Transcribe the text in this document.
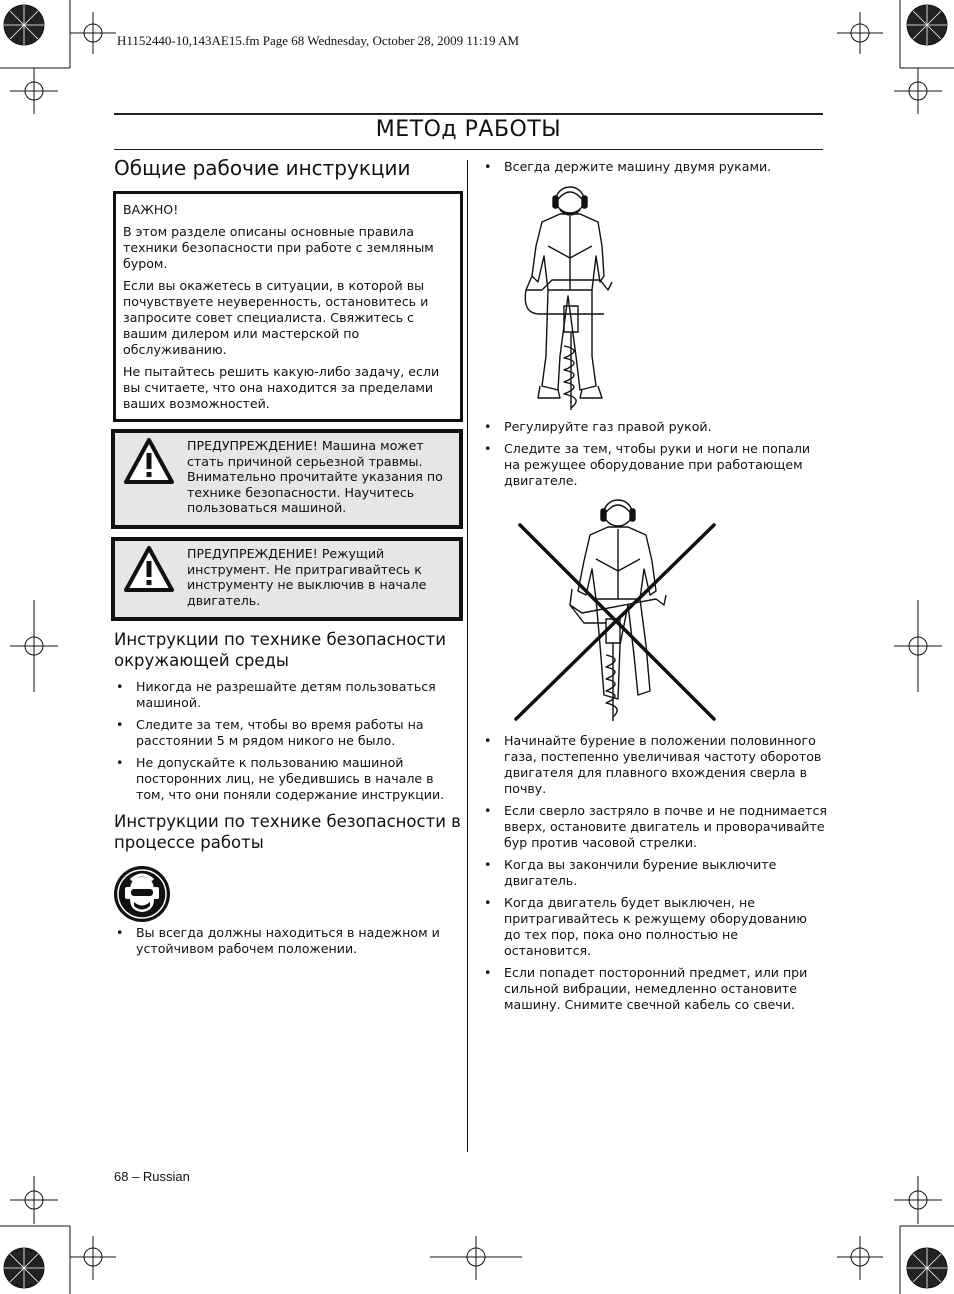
H1152440-10,143AE15.fm Page 68 Wednesday, October 28, 2009 11:19 AM
МЕТОд РАБОТЫ
Общие рабочие инструкции

ВАЖНО!

В этом разделе описаны основные правила техники безопасности при работе с земляным буром.

Если вы окажетесь в ситуации, в которой вы почувствуете неуверенность, остановитесь и запросите совет специалиста. Свяжитесь с вашим дилером или мастерской по обслуживанию.

Не пытайтесь решить какую-либо задачу, если вы считаете, что она находится за пределами ваших возможностей.

ПРЕДУПРЕЖДЕНИЕ! Машина может стать причиной серьезной травмы. Внимательно прочитайте указания по технике безопасности. Научитесь пользоваться машиной.
ПРЕДУПРЕЖДЕНИЕ! Режущий инструмент. Не притрагивайтесь к инструменту не выключив в начале двигатель.
Инструкции по технике безопасности окружающей среды
• Никогда не разрешайте детям пользоваться машиной.
• Следите за тем, чтобы во время работы на расстоянии 5 м рядом никого не было.
• Не допускайте к пользованию машиной посторонних лиц, не убедившись в начале в том, что они поняли содержание инструкции.
Инструкции по технике безопасности в процессе работы
• Вы всегда должны находиться в надежном и устойчивом рабочем положении.
• Всегда держите машину двумя руками.
• Регулируйте газ правой рукой.
• Следите за тем, чтобы руки и ноги не попали на режущее оборудование при работающем двигателе.
• Начинайте бурение в положении половинного газа, постепенно увеличивая частоту оборотов двигателя для плавного вхождения сверла в почву.
• Если сверло застряло в почве и не поднимается вверх, остановите двигатель и проворачивайте бур против часовой стрелки.
• Когда вы закончили бурение выключите двигатель.
• Когда двигатель будет выключен, не притрагивайтесь к режущему оборудованию до тех пор, пока оно полностью не остановится.
• Если попадет посторонний предмет, или при сильной вибрации, немедленно остановите машину. Снимите свечной кабель со свечи.
68 – Russian
